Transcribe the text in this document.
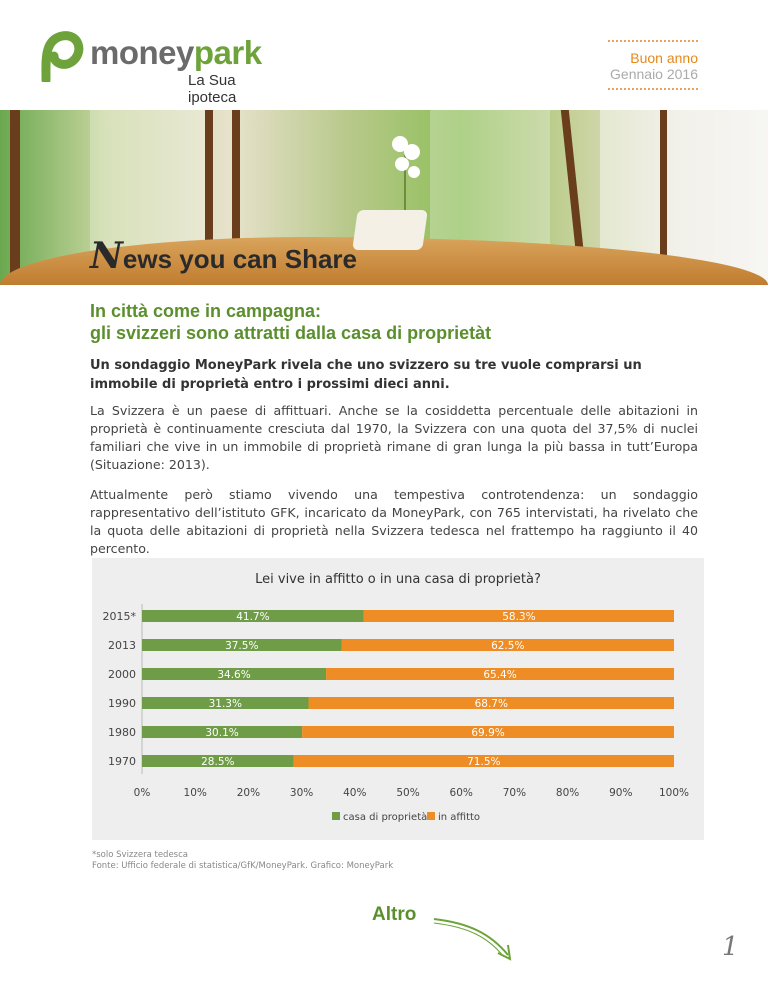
moneypark
La Sua ipoteca
Buon anno
Gennaio 2016
News you can Share
In città come in campagna:
gli svizzeri sono attratti dalla casa di proprietàt
Un sondaggio MoneyPark rivela che uno svizzero su tre vuole comprarsi un immobile di proprietà entro i prossimi dieci anni.
La Svizzera è un paese di affittuari. Anche se la cosiddetta percentuale delle abitazioni in proprietà è continuamente cresciuta dal 1970, la Svizzera con una quota del 37,5% di nuclei familiari che vive in un immobile di proprietà rimane di gran lunga la più bassa in tutt’Europa (Situazione: 2013).
Attualmente però stiamo vivendo una tempestiva controtendenza: un sondaggio rappresentativo dell’istituto GFK, incaricato da MoneyPark, con 765 intervistati, ha rivelato che la quota delle abitazioni di proprietà nella Svizzera tedesca nel frattempo ha raggiunto il 40 percento.
Lei vive in affitto o in una casa di proprietà?
2015*	41.7%	58.3%
2013	37.5%	62.5%
2000	34.6%	65.4%
1990	31.3%	68.7%
1980	30.1%	69.9%
1970	28.5%	71.5%
0%	10%	20%	30%	40%	50%	60%	70%	80%	90%	100%
casa di proprietà in affitto
*solo Svizzera tedesca
Fonte: Ufficio federale di statistica/GfK/MoneyPark. Grafico: MoneyPark
Altro
1
